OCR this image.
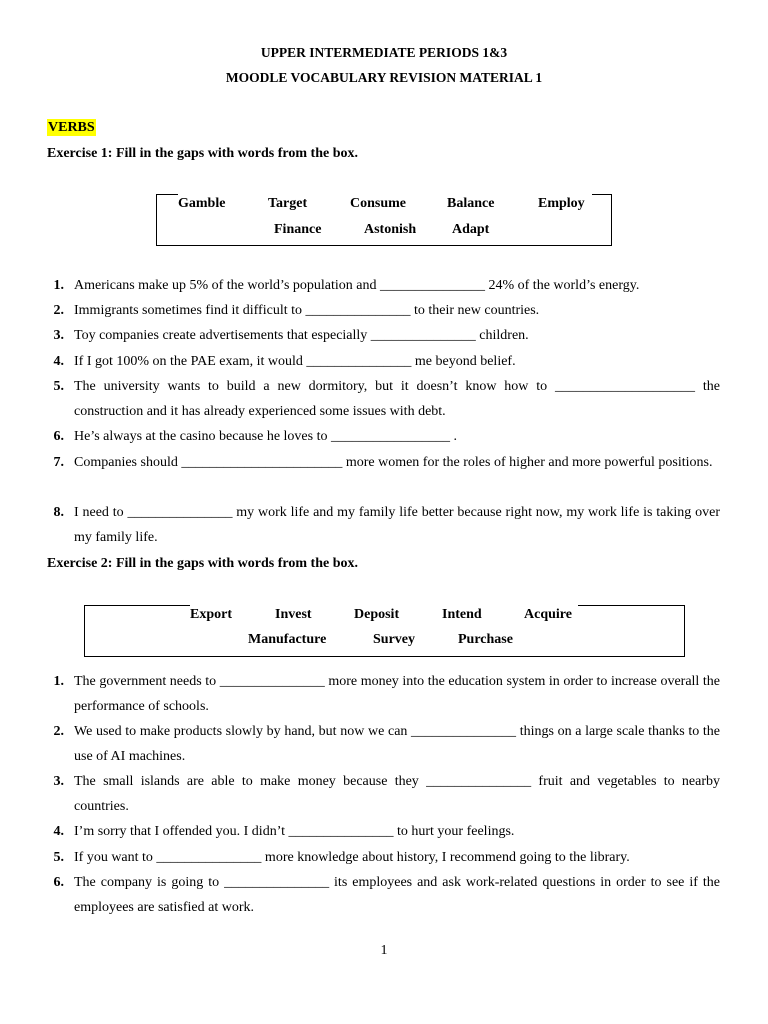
UPPER INTERMEDIATE PERIODS 1&3
MOODLE VOCABULARY REVISION MATERIAL 1
VERBS
Exercise 1: Fill in the gaps with words from the box.
Gamble	Target	Consume	Balance	Employ
Finance	Astonish	Adapt
1. Americans make up 5% of the world’s population and _______________ 24% of the world’s energy.
2. Immigrants sometimes find it difficult to _______________ to their new countries.
3. Toy companies create advertisements that especially _______________ children.
4. If I got 100% on the PAE exam, it would _______________ me beyond belief.
5. The university wants to build a new dormitory, but it doesn’t know how to ____________________ the construction and it has already experienced some issues with debt.
6. He’s always at the casino because he loves to _________________ .
7. Companies should _______________________ more women for the roles of higher and more powerful positions.
8. I need to _______________ my work life and my family life better because right now, my work life is taking over my family life.
Exercise 2: Fill in the gaps with words from the box.
Export	Invest	Deposit	Intend	Acquire
Manufacture	Survey	Purchase
1. The government needs to _______________ more money into the education system in order to increase overall the performance of schools.
2. We used to make products slowly by hand, but now we can _______________ things on a large scale thanks to the use of AI machines.
3. The small islands are able to make money because they _______________ fruit and vegetables to nearby countries.
4. I’m sorry that I offended you. I didn’t _______________ to hurt your feelings.
5. If you want to _______________ more knowledge about history, I recommend going to the library.
6. The company is going to _______________ its employees and ask work-related questions in order to see if the employees are satisfied at work.
1
